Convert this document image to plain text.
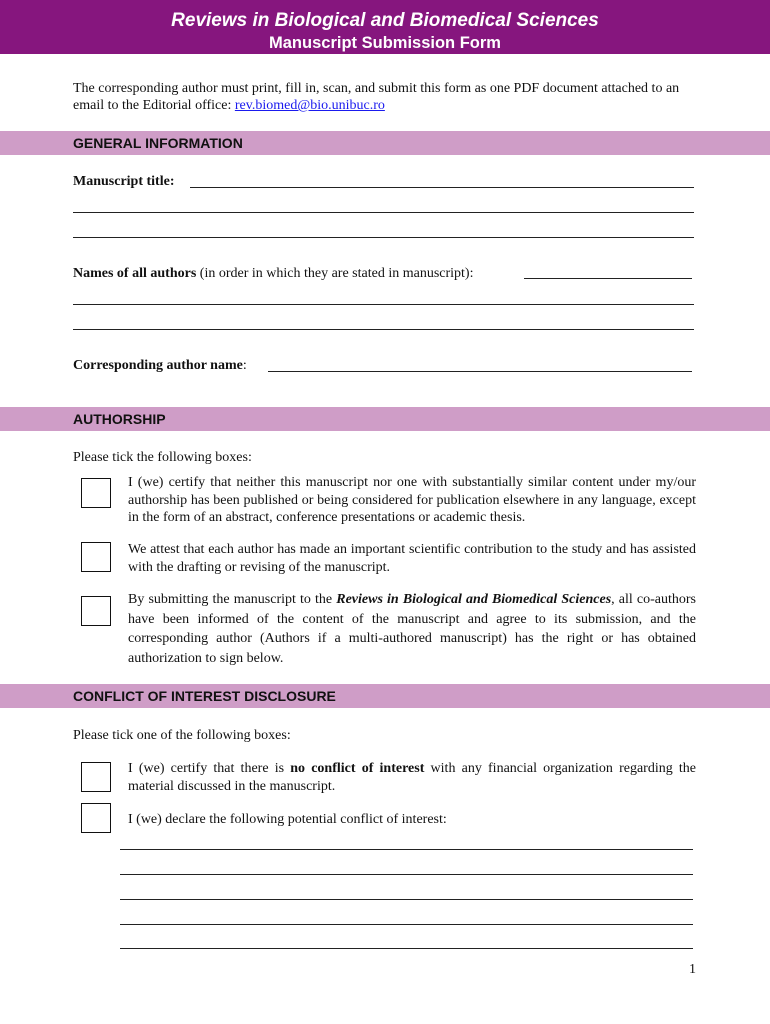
Reviews in Biological and Biomedical Sciences
Manuscript Submission Form
The corresponding author must print, fill in, scan, and submit this form as one PDF document attached to an email to the Editorial office: rev.biomed@bio.unibuc.ro
GENERAL INFORMATION
Manuscript title:
Names of all authors (in order in which they are stated in manuscript):
Corresponding author name:
AUTHORSHIP
Please tick the following boxes:
I (we) certify that neither this manuscript nor one with substantially similar content under my/our authorship has been published or being considered for publication elsewhere in any language, except in the form of an abstract, conference presentations or academic thesis.
We attest that each author has made an important scientific contribution to the study and has assisted with the drafting or revising of the manuscript.
By submitting the manuscript to the Reviews in Biological and Biomedical Sciences, all co-authors have been informed of the content of the manuscript and agree to its submission, and the corresponding author (Authors if a multi-authored manuscript) has the right or has obtained authorization to sign below.
CONFLICT OF INTEREST DISCLOSURE
Please tick one of the following boxes:
I (we) certify that there is no conflict of interest with any financial organization regarding the material discussed in the manuscript.
I (we) declare the following potential conflict of interest:
1
